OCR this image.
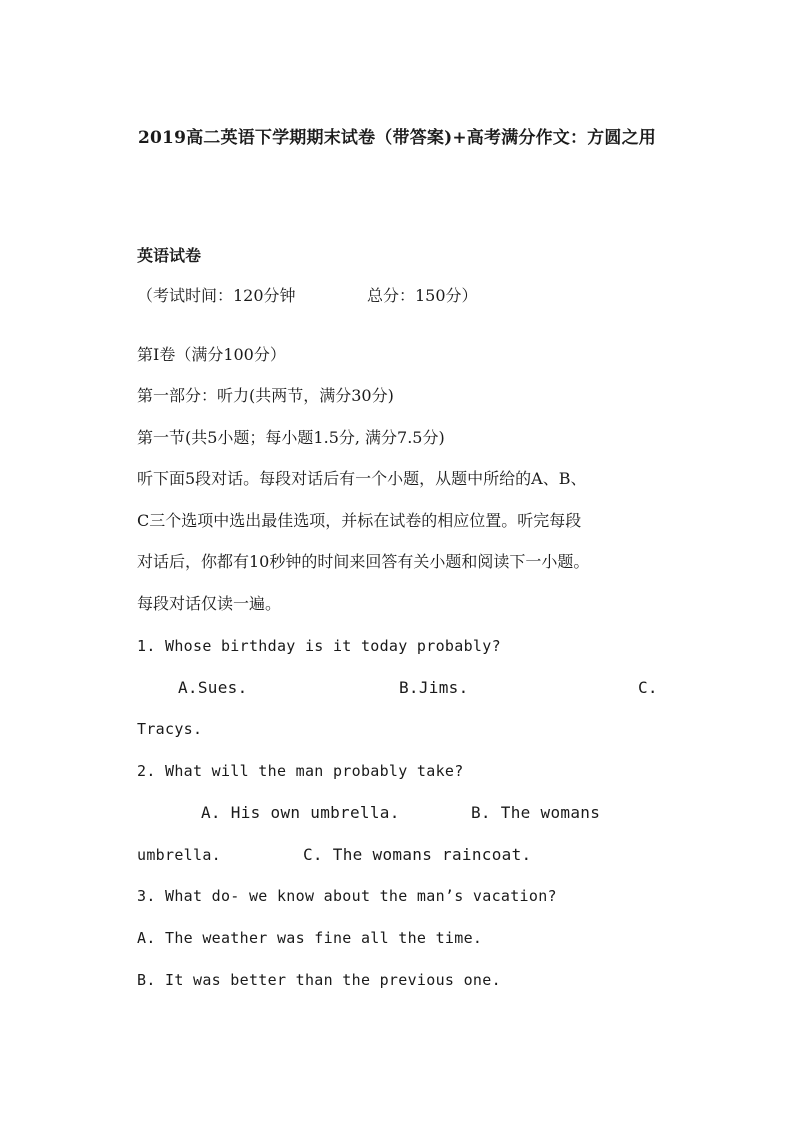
2019高二英语下学期期末试卷（带答案)+高考满分作文：方圆之用
英语试卷
（考试时间：120分钟	总分：150分）
第Ⅰ卷（满分100分）
第一部分：听力(共两节，满分30分)
第一节(共5小题；每小题1.5分, 满分7.5分)
听下面5段对话。每段对话后有一个小题，从题中所给的A、B、
C三个选项中选出最佳选项，并标在试卷的相应位置。听完每段
对话后，你都有10秒钟的时间来回答有关小题和阅读下一小题。
每段对话仅读一遍。
1. Whose birthday is it today probably?
A.Sues.	B.Jims.	C.
Tracys.
2. What will the man probably take?
A. His own umbrella.	B. The womans
umbrella.	C. The womans raincoat.
3. What do- we know about the man’s vacation?
A. The weather was fine all the time.
B. It was better than the previous one.
